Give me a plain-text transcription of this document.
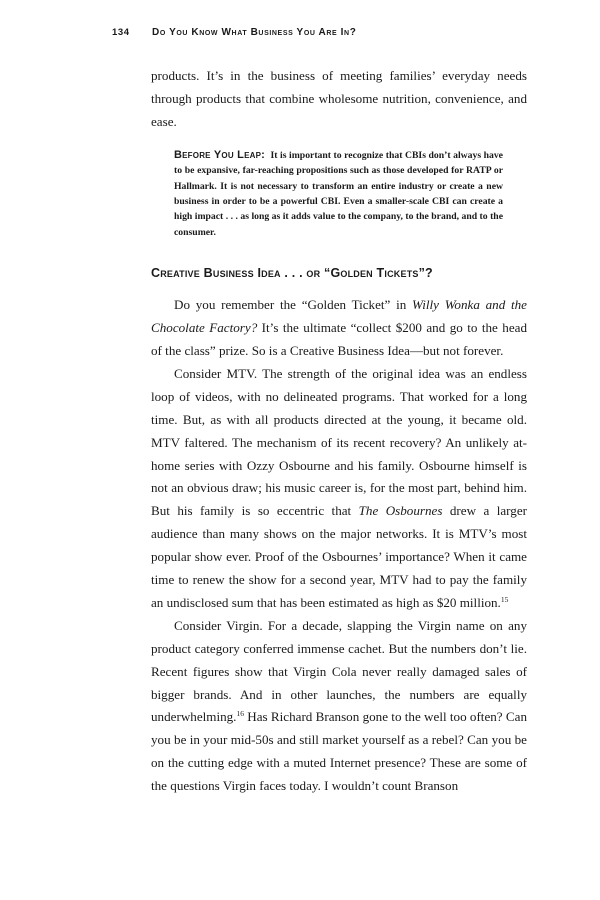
134 Do You Know What Business You Are In?

products. It’s in the business of meeting families’ everyday needs through products that combine wholesome nutrition, convenience, and ease.

Before You Leap: It is important to recognize that CBIs don’t always have to be expansive, far-reaching propositions such as those developed for RATP or Hallmark. It is not necessary to transform an entire industry or create a new business in order to be a powerful CBI. Even a smaller-scale CBI can create a high impact . . . as long as it adds value to the company, to the brand, and to the consumer.
Creative Business Idea . . . or “Golden Tickets”?

Do you remember the “Golden Ticket” in Willy Wonka and the Chocolate Factory? It’s the ultimate “collect $200 and go to the head of the class” prize. So is a Creative Business Idea—but not forever.

Consider MTV. The strength of the original idea was an endless loop of videos, with no delineated programs. That worked for a long time. But, as with all products directed at the young, it became old. MTV faltered. The mechanism of its recent recovery? An unlikely at-home series with Ozzy Osbourne and his family. Osbourne himself is not an obvious draw; his music career is, for the most part, behind him. But his family is so eccentric that The Osbournes drew a larger audience than many shows on the major networks. It is MTV’s most popular show ever. Proof of the Osbournes’ importance? When it came time to renew the show for a second year, MTV had to pay the family an undisclosed sum that has been estimated as high as $20 million.$^{15}$

Consider Virgin. For a decade, slapping the Virgin name on any product category conferred immense cachet. But the numbers don’t lie. Recent figures show that Virgin Cola never really damaged sales of bigger brands. And in other launches, the numbers are equally underwhelming.$^{16}$ Has Richard Branson gone to the well too often? Can you be in your mid-50s and still market yourself as a rebel? Can you be on the cutting edge with a muted Internet presence? These are some of the questions Virgin faces today. I wouldn’t count Branson
